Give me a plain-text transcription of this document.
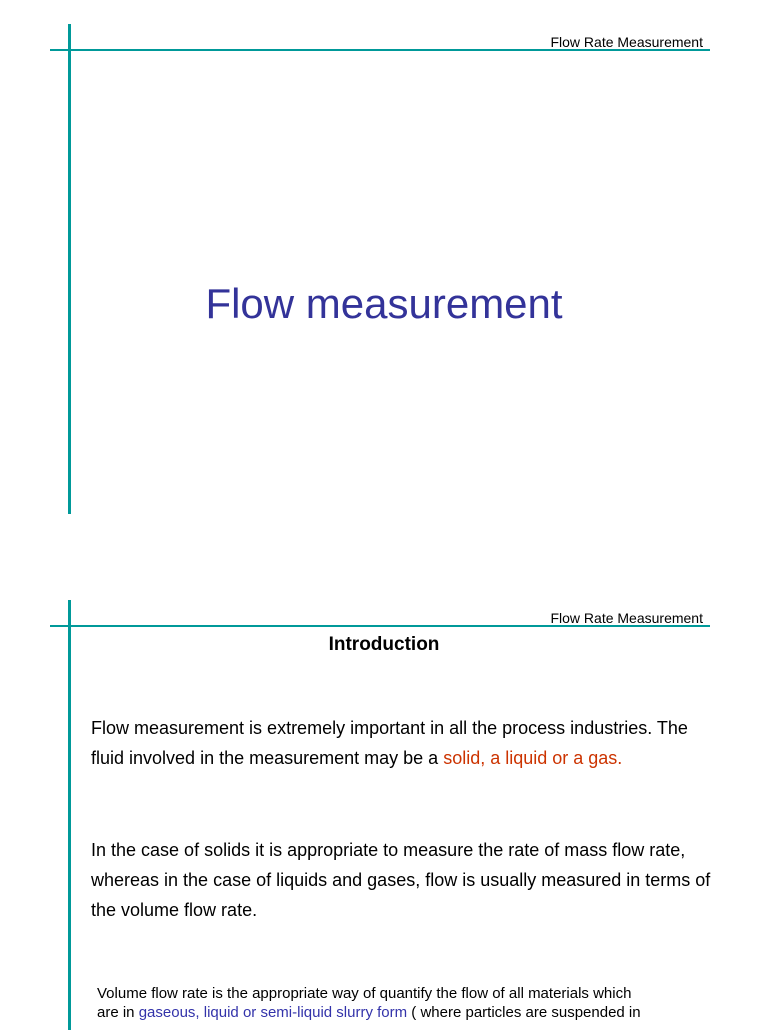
Flow Rate Measurement
Flow measurement
Flow Rate Measurement
Introduction
Flow measurement is extremely important in all the process industries. The fluid involved in the measurement may be a solid, a liquid or a gas.
In the case of solids it is appropriate to measure the rate of mass flow rate, whereas in the case of liquids and gases, flow is usually measured in terms of the volume flow rate.
Volume flow rate is the appropriate way of quantify the flow of all materials which
are in gaseous, liquid or semi-liquid slurry form ( where particles are suspended in
